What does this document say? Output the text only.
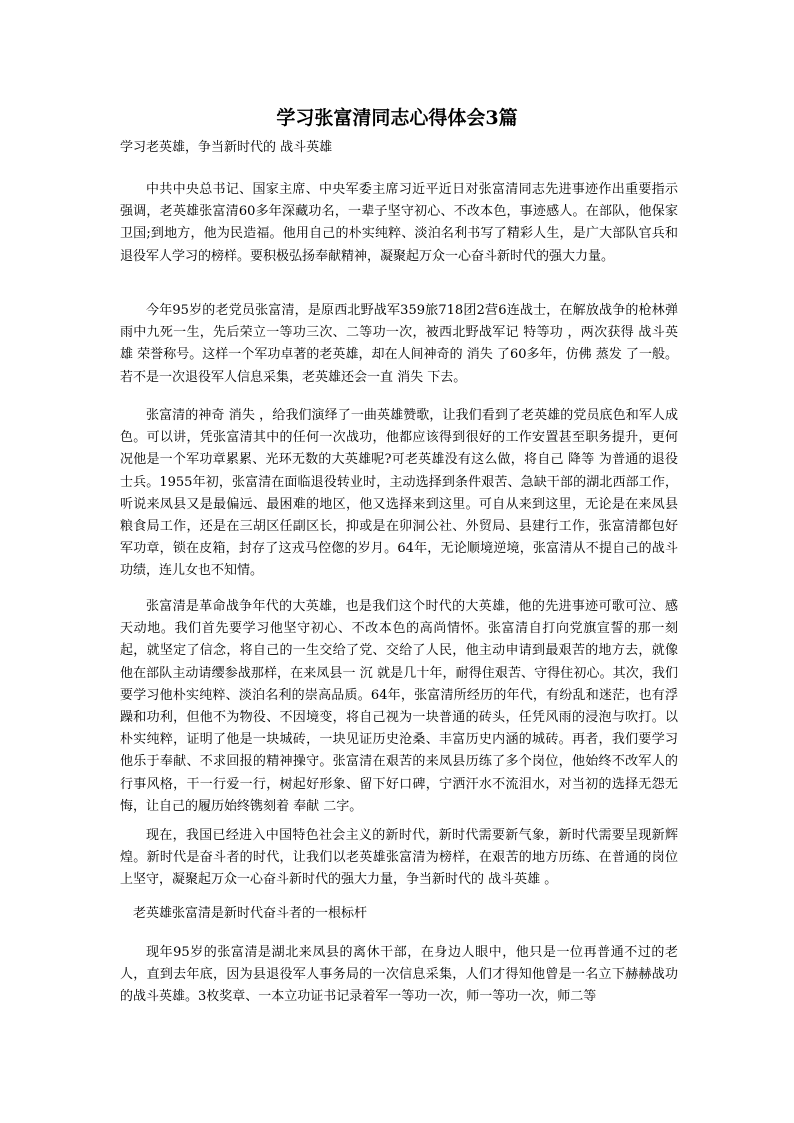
学习张富清同志心得体会3篇

学习老英雄，争当新时代的 战斗英雄

中共中央总书记、国家主席、中央军委主席习近平近日对张富清同志先进事迹作出重要指示强调，老英雄张富清60多年深藏功名，一辈子坚守初心、不改本色，事迹感人。在部队，他保家卫国;到地方，他为民造福。他用自己的朴实纯粹、淡泊名利书写了精彩人生，是广大部队官兵和退役军人学习的榜样。要积极弘扬奉献精神，凝聚起万众一心奋斗新时代的强大力量。

今年95岁的老党员张富清，是原西北野战军359旅718团2营6连战士，在解放战争的枪林弹雨中九死一生，先后荣立一等功三次、二等功一次，被西北野战军记 特等功 ，两次获得 战斗英雄 荣誉称号。这样一个军功卓著的老英雄，却在人间神奇的 消失 了60多年，仿佛 蒸发 了一般。若不是一次退役军人信息采集，老英雄还会一直 消失 下去。

张富清的神奇 消失 ，给我们演绎了一曲英雄赞歌，让我们看到了老英雄的党员底色和军人成色。可以讲，凭张富清其中的任何一次战功，他都应该得到很好的工作安置甚至职务提升，更何况他是一个军功章累累、光环无数的大英雄呢?可老英雄没有这么做，将自己 降等 为普通的退役士兵。1955年初，张富清在面临退役转业时，主动选择到条件艰苦、急缺干部的湖北西部工作，听说来凤县又是最偏远、最困难的地区，他又选择来到这里。可自从来到这里，无论是在来凤县粮食局工作，还是在三胡区任副区长，抑或是在卯洞公社、外贸局、县建行工作，张富清都包好军功章，锁在皮箱，封存了这戎马倥偬的岁月。64年，无论顺境逆境，张富清从不提自己的战斗功绩，连儿女也不知情。

张富清是革命战争年代的大英雄，也是我们这个时代的大英雄，他的先进事迹可歌可泣、感天动地。我们首先要学习他坚守初心、不改本色的高尚情怀。张富清自打向党旗宣誓的那一刻起，就坚定了信念，将自己的一生交给了党、交给了人民，他主动申请到最艰苦的地方去，就像他在部队主动请缨参战那样，在来凤县一 沉 就是几十年，耐得住艰苦、守得住初心。其次，我们要学习他朴实纯粹、淡泊名利的崇高品质。64年，张富清所经历的年代，有纷乱和迷茫，也有浮躁和功利，但他不为物役、不因境变，将自己视为一块普通的砖头，任凭风雨的浸泡与吹打。以朴实纯粹，证明了他是一块城砖，一块见证历史沧桑、丰富历史内涵的城砖。再者，我们要学习他乐于奉献、不求回报的精神操守。张富清在艰苦的来凤县历练了多个岗位，他始终不改军人的行事风格，干一行爱一行，树起好形象、留下好口碑，宁洒汗水不流泪水，对当初的选择无怨无悔，让自己的履历始终镌刻着 奉献 二字。

现在，我国已经进入中国特色社会主义的新时代，新时代需要新气象，新时代需要呈现新辉煌。新时代是奋斗者的时代，让我们以老英雄张富清为榜样，在艰苦的地方历练、在普通的岗位上坚守，凝聚起万众一心奋斗新时代的强大力量，争当新时代的 战斗英雄 。

老英雄张富清是新时代奋斗者的一根标杆

现年95岁的张富清是湖北来凤县的离休干部，在身边人眼中，他只是一位再普通不过的老人，直到去年底，因为县退役军人事务局的一次信息采集，人们才得知他曾是一名立下赫赫战功的战斗英雄。3枚奖章、一本立功证书记录着军一等功一次，师一等功一次，师二等
